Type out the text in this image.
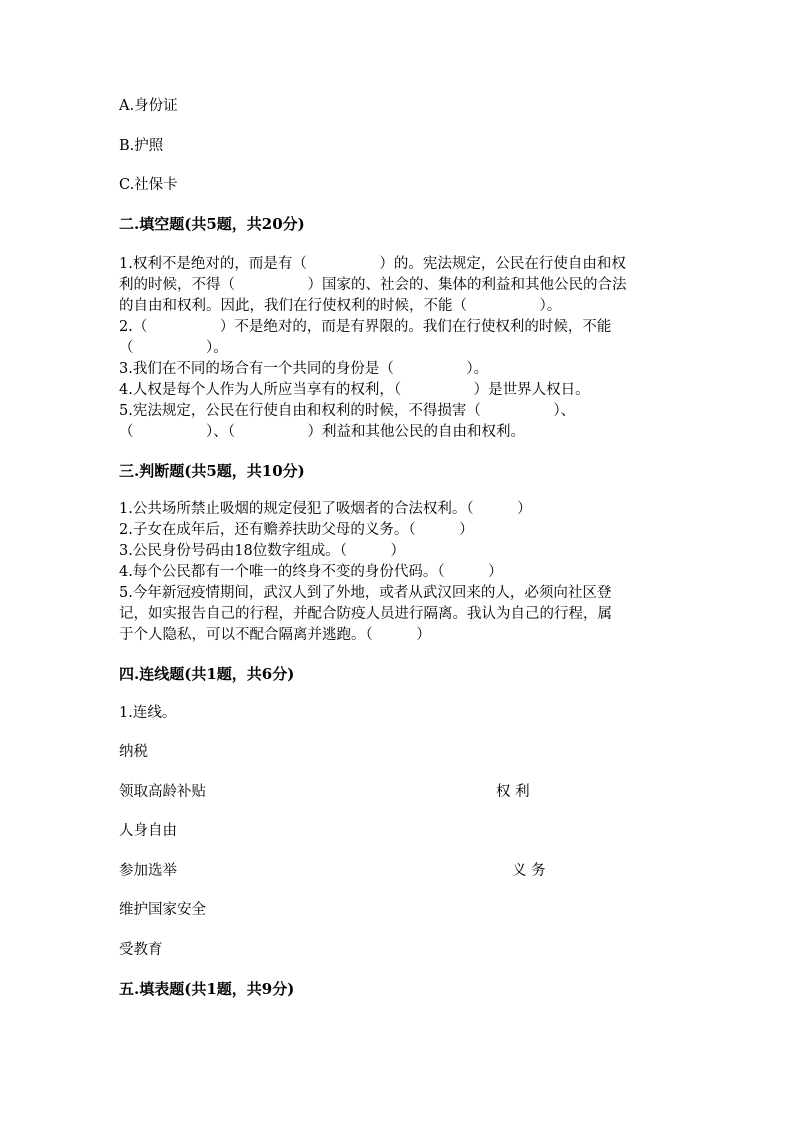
A.身份证
B.护照
C.社保卡
二.填空题(共5题，共20分)
1.权利不是绝对的，而是有（　　　　　）的。宪法规定，公民在行使自由和权
利的时候，不得（　　　　　）国家的、社会的、集体的利益和其他公民的合法
的自由和权利。因此，我们在行使权利的时候，不能（　　　　　）。
2.（　　　　　）不是绝对的，而是有界限的。我们在行使权利的时候，不能
（　　　　　）。
3.我们在不同的场合有一个共同的身份是（　　　　　）。
4.人权是每个人作为人所应当享有的权利，（　　　　　）是世界人权日。
5.宪法规定，公民在行使自由和权利的时候，不得损害（　　　　　）、
（　　　　　）、（　　　　　）利益和其他公民的自由和权利。
三.判断题(共5题，共10分)
1.公共场所禁止吸烟的规定侵犯了吸烟者的合法权利。（　　　）
2.子女在成年后，还有赡养扶助父母的义务。（　　　）
3.公民身份号码由18位数字组成。（　　　）
4.每个公民都有一个唯一的终身不变的身份代码。（　　　）
5.今年新冠疫情期间，武汉人到了外地，或者从武汉回来的人，必须向社区登
记，如实报告自己的行程，并配合防疫人员进行隔离。我认为自己的行程，属
于个人隐私，可以不配合隔离并逃跑。（　　　）
四.连线题(共1题，共6分)
1.连线。
纳税
领取高龄补贴	权 利
人身自由
参加选举	义 务
维护国家安全
受教育
五.填表题(共1题，共9分)
